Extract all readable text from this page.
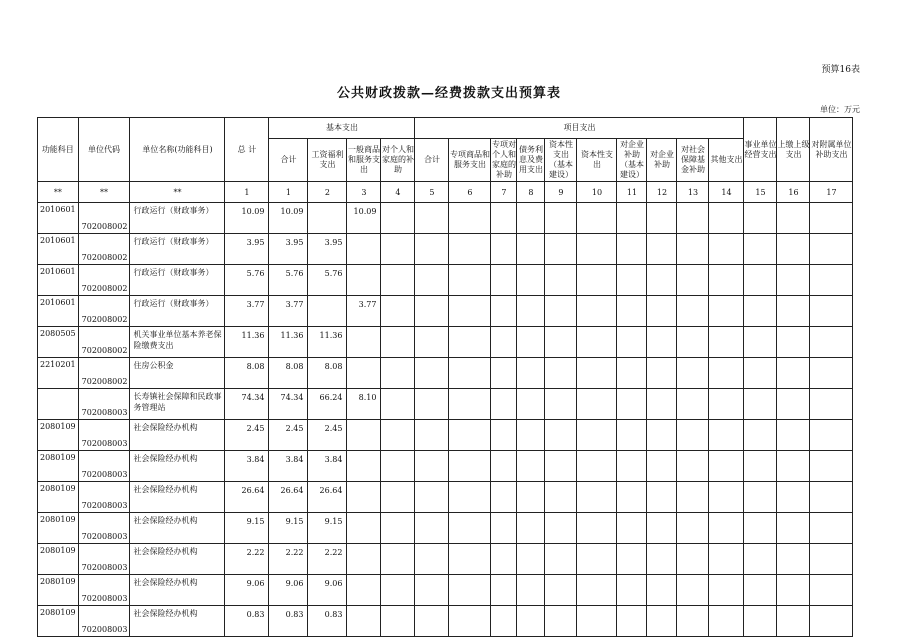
预算16表
公共财政拨款—经费拨款支出预算表
单位：万元
功能科目	单位代码	单位名称(功能科目)	总 计	基本支出				项目支出										事业单位经营支出	上缴上级支出	对附属单位补助支出
				合计	工资福利支出	一般商品和服务支出	对个人和家庭的补助	合计	专项商品和服务支出	专项对个人和家庭的补助	债务利息及费用支出	资本性支出（基本建设）	资本性支出	对企业补助（基本建设）	对企业补助	对社会保障基金补助	其他支出			
**	**	**	1	1	2	3	4	5	6	7	8	9	10	11	12	13	14	15	16	17
2010601	702008002	行政运行（财政事务）	10.09	10.09		10.09														
2010601	702008002	行政运行（财政事务）	3.95	3.95	3.95															
2010601	702008002	行政运行（财政事务）	5.76	5.76	5.76															
2010601	702008002	行政运行（财政事务）	3.77	3.77		3.77														
2080505	702008002	机关事业单位基本养老保险缴费支出	11.36	11.36	11.36															
2210201	702008002	住房公积金	8.08	8.08	8.08															
	702008003	长寿镇社会保障和民政事务管理站	74.34	74.34	66.24	8.10														
2080109	702008003	社会保险经办机构	2.45	2.45	2.45															
2080109	702008003	社会保险经办机构	3.84	3.84	3.84															
2080109	702008003	社会保险经办机构	26.64	26.64	26.64															
2080109	702008003	社会保险经办机构	9.15	9.15	9.15															
2080109	702008003	社会保险经办机构	2.22	2.22	2.22															
2080109	702008003	社会保险经办机构	9.06	9.06	9.06															
2080109	702008003	社会保险经办机构	0.83	0.83	0.83															
